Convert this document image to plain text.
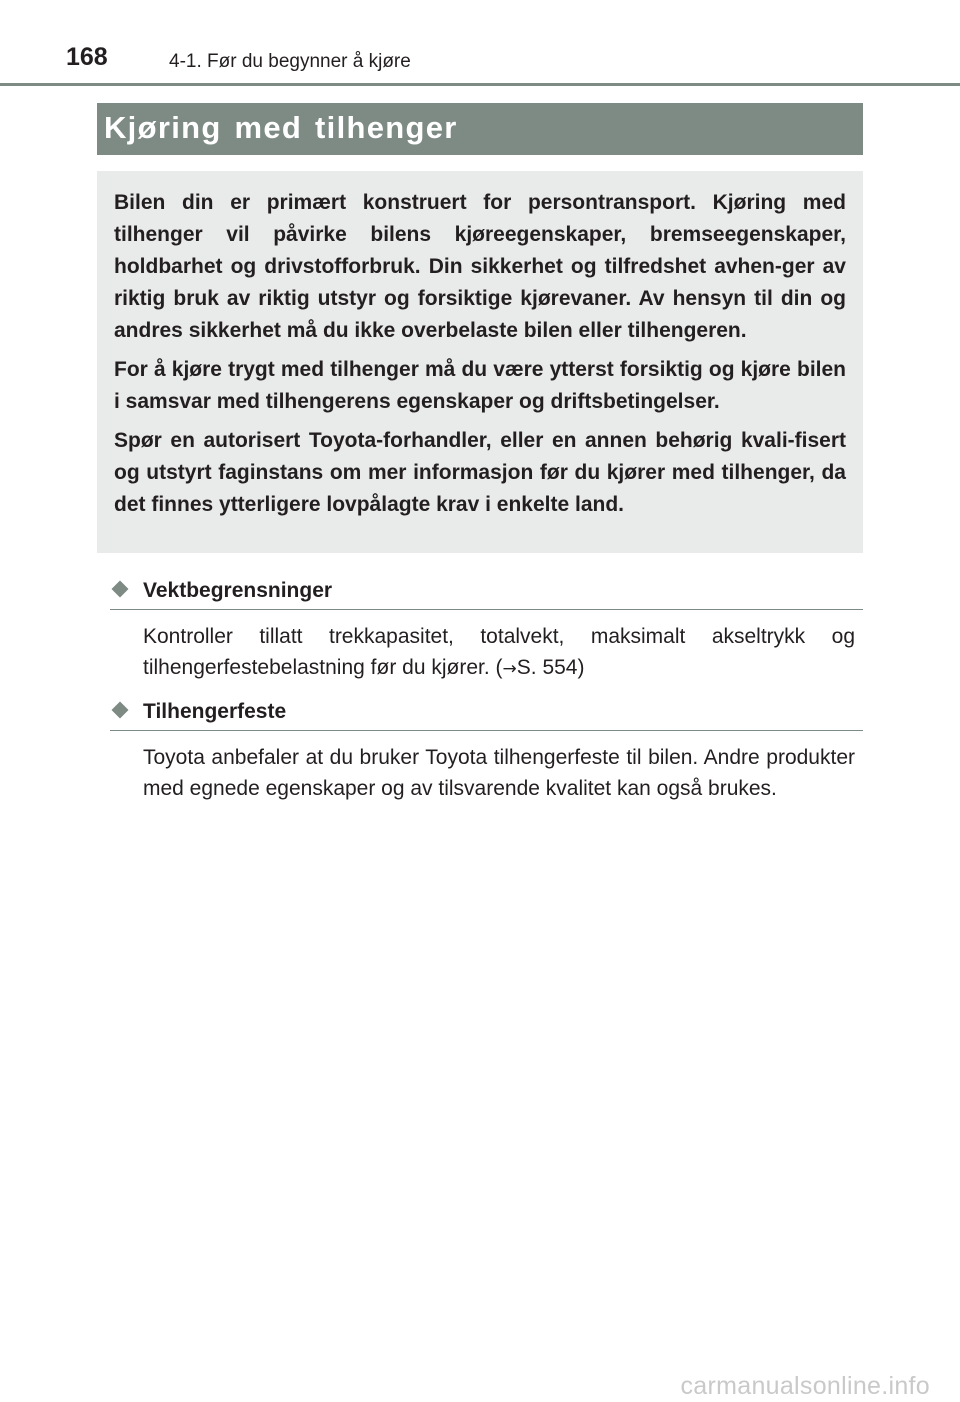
168	4-1. Før du begynner å kjøre
Kjøring med tilhenger

Bilen din er primært konstruert for persontransport. Kjøring med tilhenger vil påvirke bilens kjøreegenskaper, bremseegenskaper, holdbarhet og drivstofforbruk. Din sikkerhet og tilfredshet avhen-ger av riktig bruk av riktig utstyr og forsiktige kjørevaner. Av hensyn til din og andres sikkerhet må du ikke overbelaste bilen eller tilhengeren.

For å kjøre trygt med tilhenger må du være ytterst forsiktig og kjøre bilen i samsvar med tilhengerens egenskaper og driftsbetingelser.

Spør en autorisert Toyota-forhandler, eller en annen behørig kvali-fisert og utstyrt faginstans om mer informasjon før du kjører med tilhenger, da det finnes ytterligere lovpålagte krav i enkelte land.

Vektbegrensninger
Kontroller tillatt trekkapasitet, totalvekt, maksimalt akseltrykk og tilhengerfestebelastning før du kjører. (→S. 554)
Tilhengerfeste
Toyota anbefaler at du bruker Toyota tilhengerfeste til bilen. Andre produkter med egnede egenskaper og av tilsvarende kvalitet kan også brukes.
carmanualsonline.info
